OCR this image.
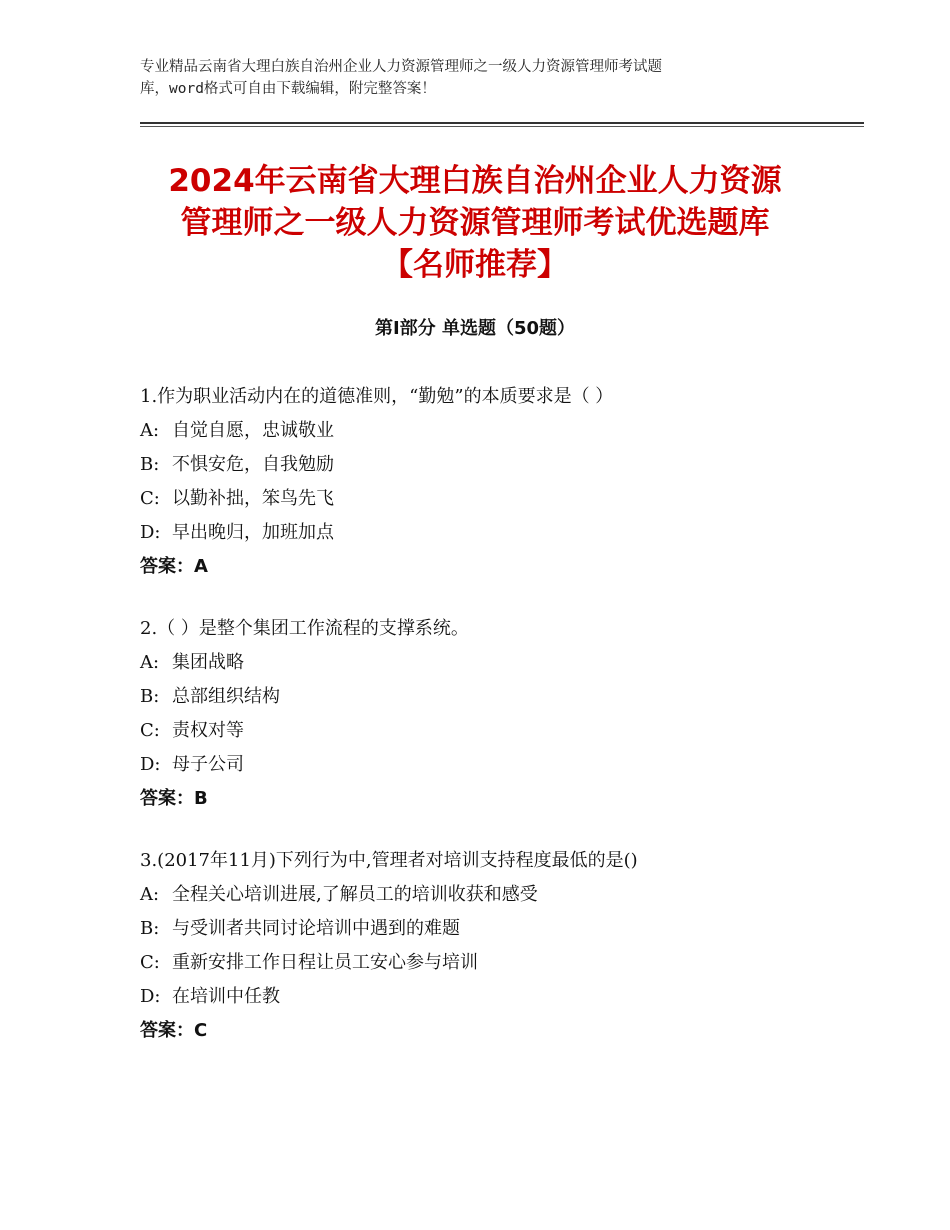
专业精品云南省大理白族自治州企业人力资源管理师之一级人力资源管理师考试题
库，word格式可自由下载编辑，附完整答案！
2024年云南省大理白族自治州企业人力资源
管理师之一级人力资源管理师考试优选题库
【名师推荐】
第Ⅰ部分 单选题（50题）
1.作为职业活动内在的道德准则，“勤勉”的本质要求是（ ）
A: 自觉自愿，忠诚敬业
B: 不惧安危，自我勉励
C: 以勤补拙，笨鸟先飞
D: 早出晚归，加班加点
答案：A
2.（ ）是整个集团工作流程的支撑系统。
A: 集团战略
B: 总部组织结构
C: 责权对等
D: 母子公司
答案：B
3.(2017年11月)下列行为中,管理者对培训支持程度最低的是()
A: 全程关心培训进展,了解员工的培训收获和感受
B: 与受训者共同讨论培训中遇到的难题
C: 重新安排工作日程让员工安心参与培训
D: 在培训中任教
答案：C
